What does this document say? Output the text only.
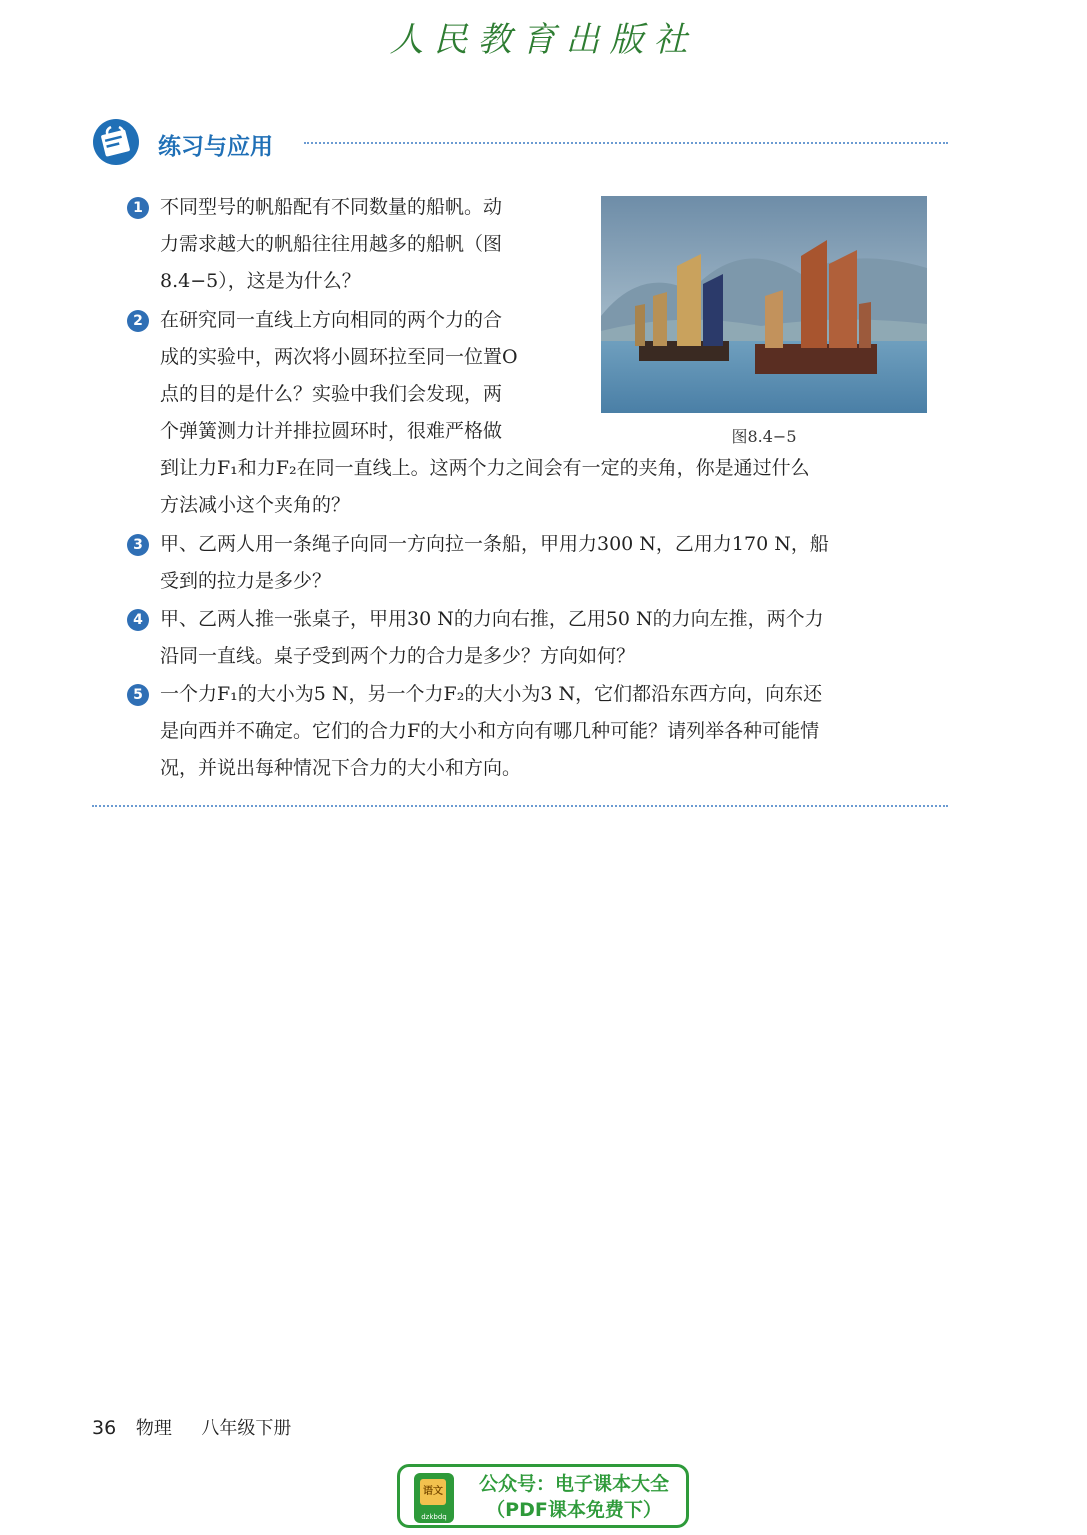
人民教育出版社
练习与应用
1 不同型号的帆船配有不同数量的船帆。动
力需求越大的帆船往往用越多的船帆（图
8.4−5），这是为什么？
2 在研究同一直线上方向相同的两个力的合
成的实验中，两次将小圆环拉至同一位置O
点的目的是什么？实验中我们会发现，两
个弹簧测力计并排拉圆环时，很难严格做
到让力F₁和力F₂在同一直线上。这两个力之间会有一定的夹角，你是通过什么
方法减小这个夹角的？
图8.4−5
3 甲、乙两人用一条绳子向同一方向拉一条船，甲用力300 N，乙用力170 N，船
受到的拉力是多少？
4 甲、乙两人推一张桌子，甲用30 N的力向右推，乙用50 N的力向左推，两个力
沿同一直线。桌子受到两个力的合力是多少？方向如何？
5 一个力F₁的大小为5 N，另一个力F₂的大小为3 N，它们都沿东西方向，向东还
是向西并不确定。它们的合力F的大小和方向有哪几种可能？请列举各种可能情
况，并说出每种情况下合力的大小和方向。
36 物理 八年级下册
语文
dzkbdq
公众号：电子课本大全
（PDF课本免费下）
